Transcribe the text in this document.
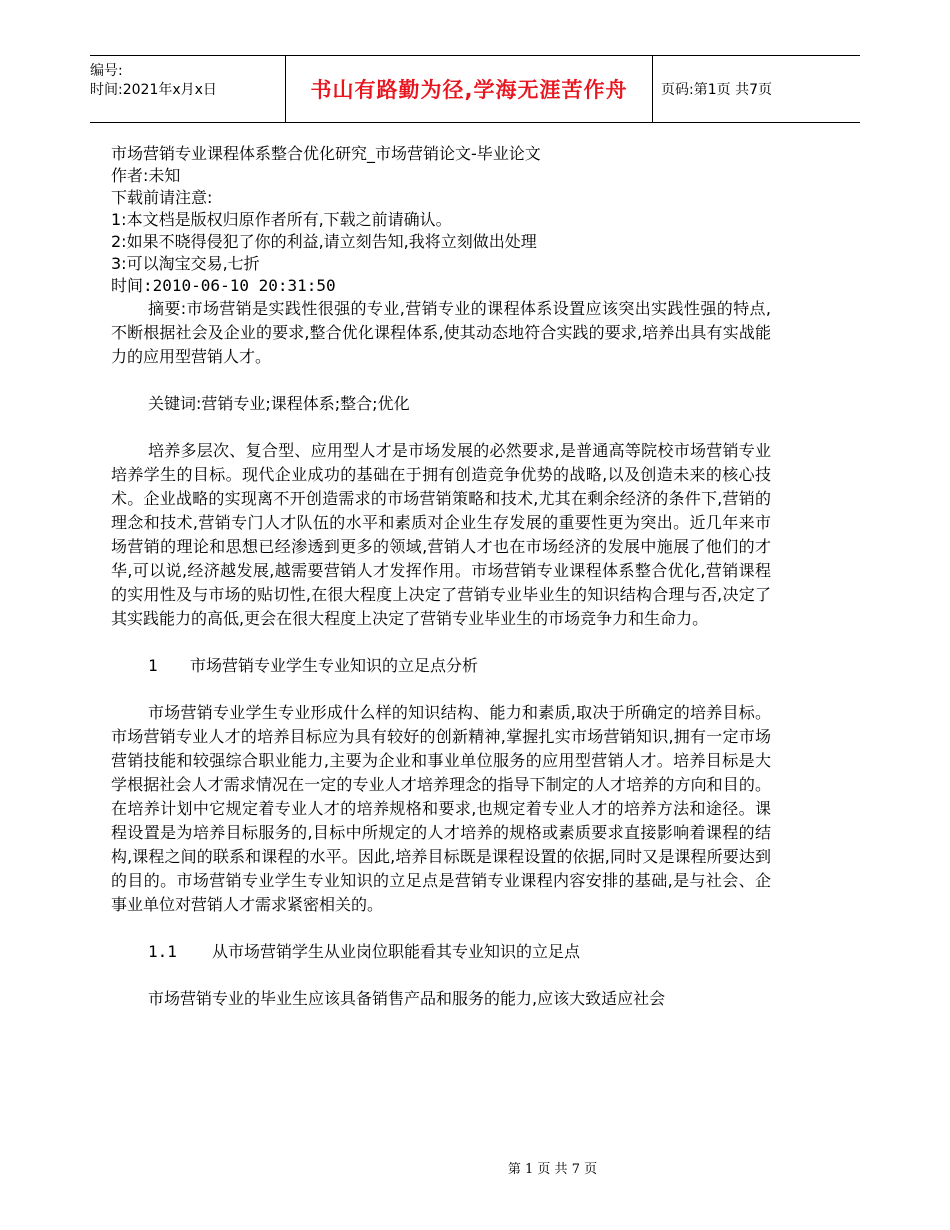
编号:
时间:2021年x月x日	书山有路勤为径,学海无涯苦作舟	页码:第1页 共7页

市场营销专业课程体系整合优化研究_市场营销论文-毕业论文

作者:未知

下载前请注意:

1:本文档是版权归原作者所有,下载之前请确认。

2:如果不晓得侵犯了你的利益,请立刻告知,我将立刻做出处理

3:可以淘宝交易,七折

时间:2010-06-10 20:31:50

摘要:市场营销是实践性很强的专业,营销专业的课程体系设置应该突出实践性强的特点,不断根据社会及企业的要求,整合优化课程体系,使其动态地符合实践的要求,培养出具有实战能力的应用型营销人才。

关键词:营销专业;课程体系;整合;优化

培养多层次、复合型、应用型人才是市场发展的必然要求,是普通高等院校市场营销专业培养学生的目标。现代企业成功的基础在于拥有创造竞争优势的战略,以及创造未来的核心技术。企业战略的实现离不开创造需求的市场营销策略和技术,尤其在剩余经济的条件下,营销的理念和技术,营销专门人才队伍的水平和素质对企业生存发展的重要性更为突出。近几年来市场营销的理论和思想已经渗透到更多的领域,营销人才也在市场经济的发展中施展了他们的才华,可以说,经济越发展,越需要营销人才发挥作用。市场营销专业课程体系整合优化,营销课程的实用性及与市场的贴切性,在很大程度上决定了营销专业毕业生的知识结构合理与否,决定了其实践能力的高低,更会在很大程度上决定了营销专业毕业生的市场竞争力和生命力。

1 市场营销专业学生专业知识的立足点分析

市场营销专业学生专业形成什么样的知识结构、能力和素质,取决于所确定的培养目标。市场营销专业人才的培养目标应为具有较好的创新精神,掌握扎实市场营销知识,拥有一定市场营销技能和较强综合职业能力,主要为企业和事业单位服务的应用型营销人才。培养目标是大学根据社会人才需求情况在一定的专业人才培养理念的指导下制定的人才培养的方向和目的。在培养计划中它规定着专业人才的培养规格和要求,也规定着专业人才的培养方法和途径。课程设置是为培养目标服务的,目标中所规定的人才培养的规格或素质要求直接影响着课程的结构,课程之间的联系和课程的水平。因此,培养目标既是课程设置的依据,同时又是课程所要达到的目的。市场营销专业学生专业知识的立足点是营销专业课程内容安排的基础,是与社会、企事业单位对营销人才需求紧密相关的。

1.1 从市场营销学生从业岗位职能看其专业知识的立足点

市场营销专业的毕业生应该具备销售产品和服务的能力,应该大致适应社会

第 1 页 共 7 页
